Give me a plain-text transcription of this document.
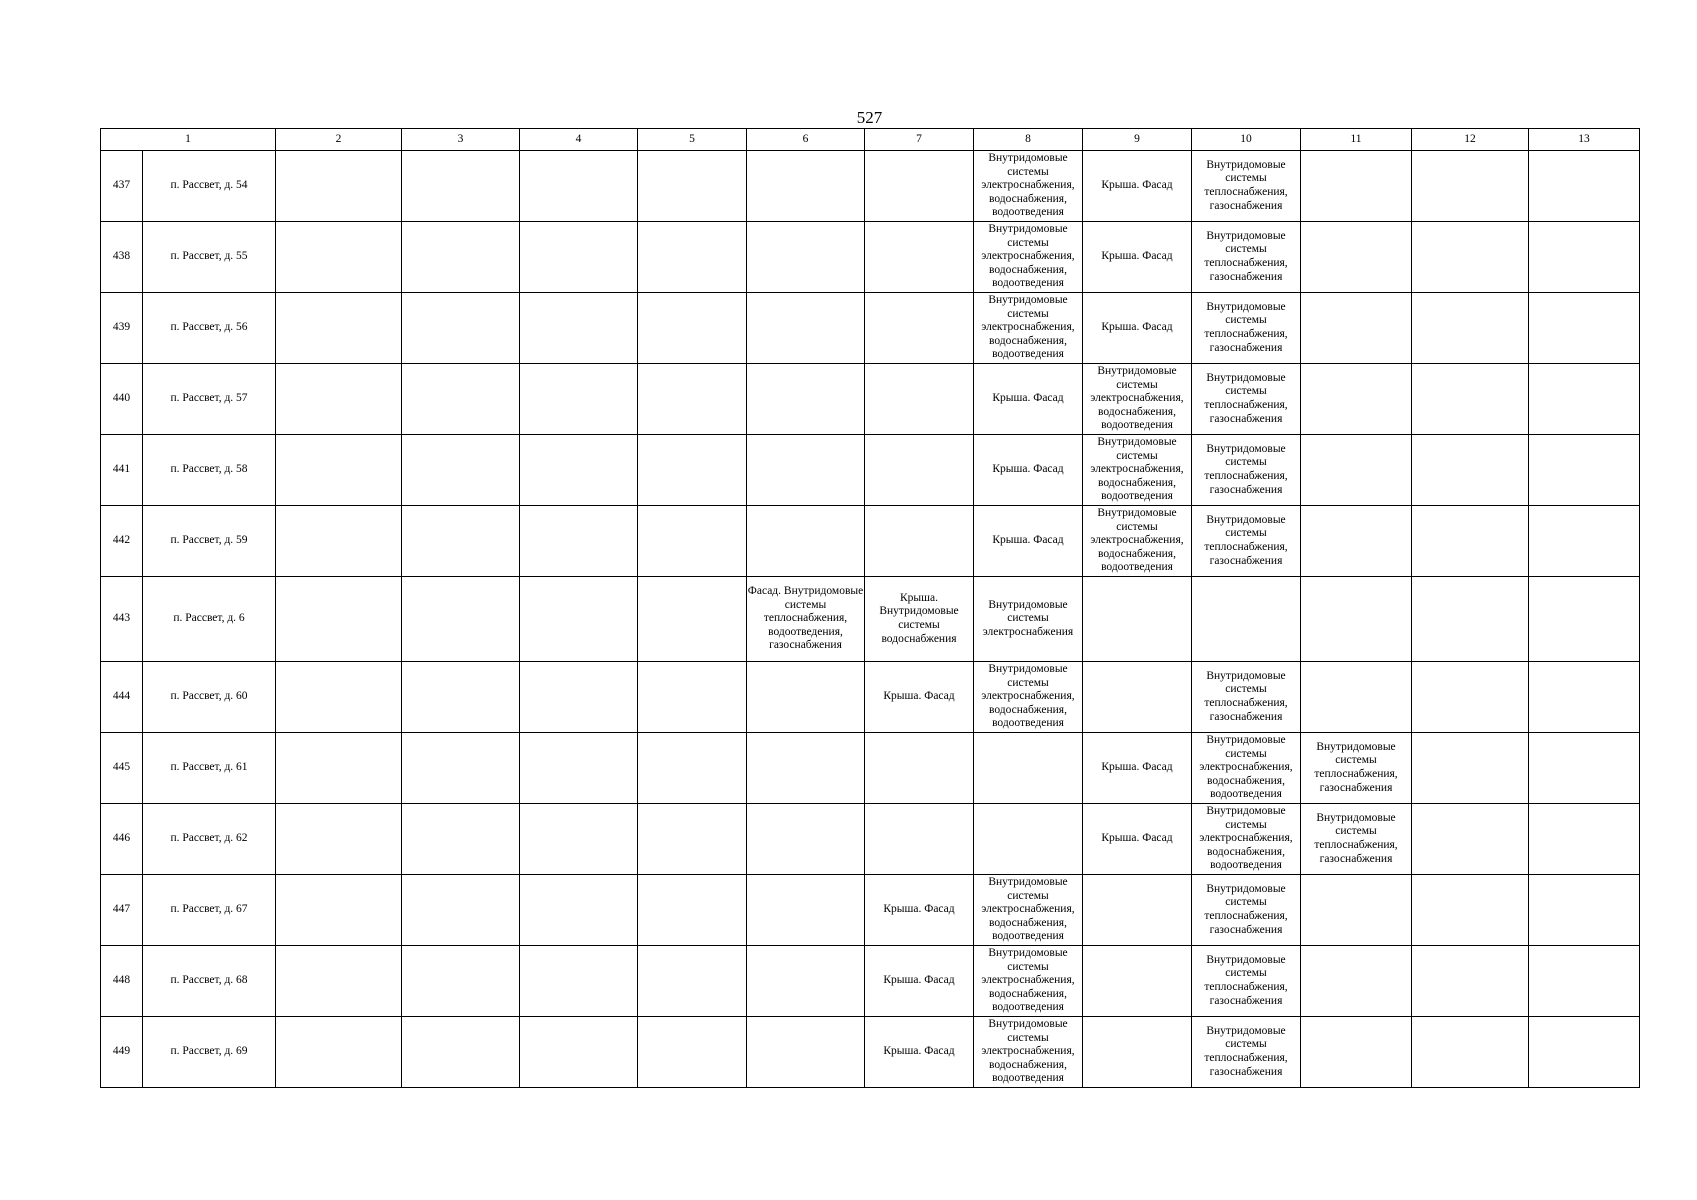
527
1		2	3	4	5	6	7	8	9	10	11	12	13
437	п. Рассвет, д. 54							Внутридомовые системы электроснабжения, водоснабжения, водоотведения	Крыша. Фасад	Внутридомовые системы теплоснабжения, газоснабжения			
438	п. Рассвет, д. 55							Внутридомовые системы электроснабжения, водоснабжения, водоотведения	Крыша. Фасад	Внутридомовые системы теплоснабжения, газоснабжения			
439	п. Рассвет, д. 56							Внутридомовые системы электроснабжения, водоснабжения, водоотведения	Крыша. Фасад	Внутридомовые системы теплоснабжения, газоснабжения			
440	п. Рассвет, д. 57							Крыша. Фасад	Внутридомовые системы электроснабжения, водоснабжения, водоотведения	Внутридомовые системы теплоснабжения, газоснабжения			
441	п. Рассвет, д. 58							Крыша. Фасад	Внутридомовые системы электроснабжения, водоснабжения, водоотведения	Внутридомовые системы теплоснабжения, газоснабжения			
442	п. Рассвет, д. 59							Крыша. Фасад	Внутридомовые системы электроснабжения, водоснабжения, водоотведения	Внутридомовые системы теплоснабжения, газоснабжения			
443	п. Рассвет, д. 6					Фасад. Внутридомовые системы теплоснабжения, водоотведения, газоснабжения	Крыша. Внутридомовые системы водоснабжения	Внутридомовые системы электроснабжения					
444	п. Рассвет, д. 60						Крыша. Фасад	Внутридомовые системы электроснабжения, водоснабжения, водоотведения		Внутридомовые системы теплоснабжения, газоснабжения			
445	п. Рассвет, д. 61								Крыша. Фасад	Внутридомовые системы электроснабжения, водоснабжения, водоотведения	Внутридомовые системы теплоснабжения, газоснабжения		
446	п. Рассвет, д. 62								Крыша. Фасад	Внутридомовые системы электроснабжения, водоснабжения, водоотведения	Внутридомовые системы теплоснабжения, газоснабжения		
447	п. Рассвет, д. 67						Крыша. Фасад	Внутридомовые системы электроснабжения, водоснабжения, водоотведения		Внутридомовые системы теплоснабжения, газоснабжения			
448	п. Рассвет, д. 68						Крыша. Фасад	Внутридомовые системы электроснабжения, водоснабжения, водоотведения		Внутридомовые системы теплоснабжения, газоснабжения			
449	п. Рассвет, д. 69						Крыша. Фасад	Внутридомовые системы электроснабжения, водоснабжения, водоотведения		Внутридомовые системы теплоснабжения, газоснабжения			
